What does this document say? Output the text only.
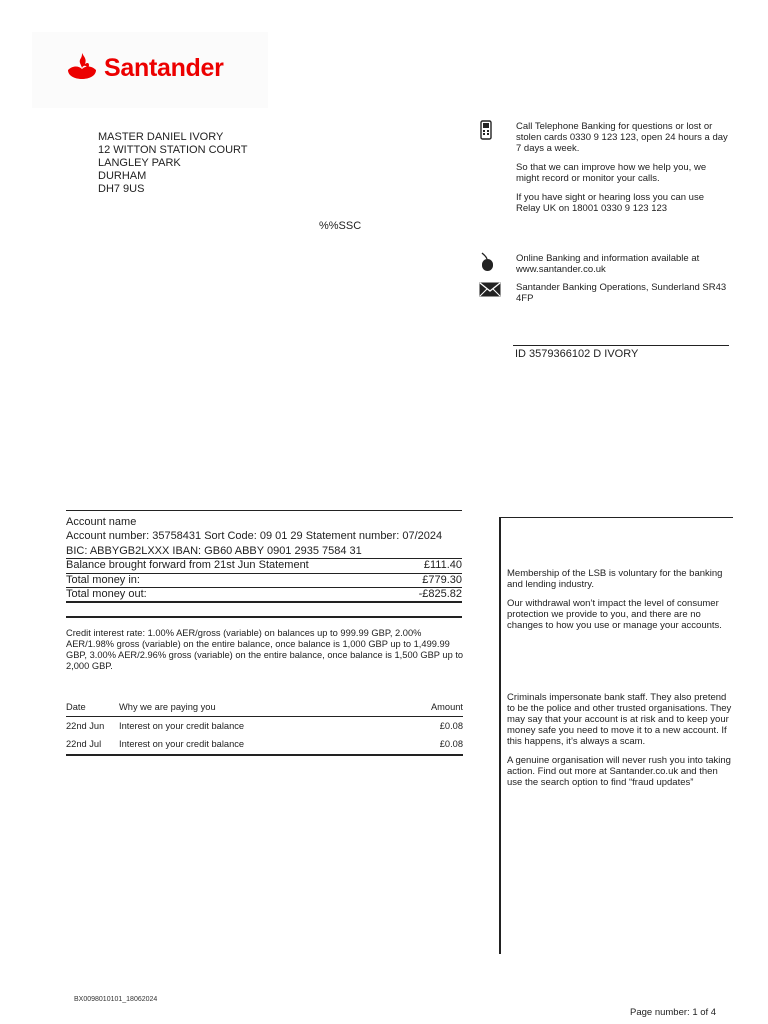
Santander
MASTER DANIEL IVORY
12 WITTON STATION COURT
LANGLEY PARK
DURHAM
DH7 9US
%%SSC

Call Telephone Banking for questions or lost or stolen cards 0330 9 123 123, open 24 hours a day 7 days a week.

So that we can improve how we help you, we might record or monitor your calls.

If you have sight or hearing loss you can use Relay UK on 18001 0330 9 123 123

Online Banking and information available at www.santander.co.uk
Santander Banking Operations, Sunderland SR43 4FP
ID 3579366102 D IVORY
Account name
Account number: 35758431 Sort Code: 09 01 29 Statement number: 07/2024
BIC: ABBYGB2LXXX IBAN: GB60 ABBY 0901 2935 7584 31
Balance brought forward from 21st Jun Statement	£111.40
Total money in:	£779.30
Total money out:	-£825.82
Credit interest rate: 1.00% AER/gross (variable) on balances up to 999.99 GBP, 2.00% AER/1.98% gross (variable) on the entire balance, once balance is 1,000 GBP up to 1,499.99 GBP, 3.00% AER/2.96% gross (variable) on the entire balance, once balance is 1,500 GBP up to 2,000 GBP.
Date	Why we are paying you	Amount
22nd Jun	Interest on your credit balance	£0.08
22nd Jul	Interest on your credit balance	£0.08

Membership of the LSB is voluntary for the banking and lending industry.

Our withdrawal won’t impact the level of consumer protection we provide to you, and there are no changes to how you use or manage your accounts.

Criminals impersonate bank staff. They also pretend to be the police and other trusted organisations. They may say that your account is at risk and to keep your money safe you need to move it to a new account. If this happens, it’s always a scam.

A genuine organisation will never rush you into taking action. Find out more at Santander.co.uk and then use the search option to find “fraud updates”

BX0098010101_18062024
Page number: 1 of 4
